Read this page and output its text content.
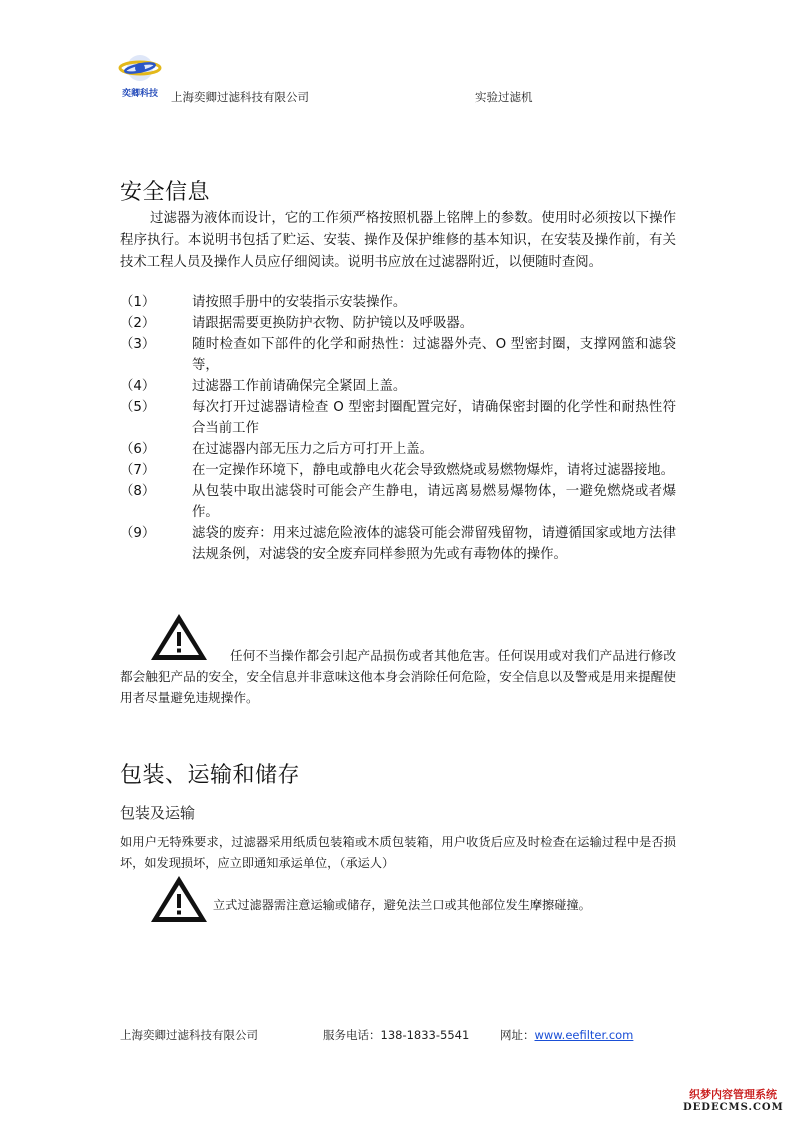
奕卿科技	上海奕卿过滤科技有限公司	实验过滤机
安全信息
过滤器为液体而设计，它的工作须严格按照机器上铭牌上的参数。使用时必须按以下操作程序执行。本说明书包括了贮运、安装、操作及保护维修的基本知识，在安装及操作前，有关技术工程人员及操作人员应仔细阅读。说明书应放在过滤器附近，以便随时查阅。
（1）	请按照手册中的安装指示安装操作。
（2）	请跟据需要更换防护衣物、防护镜以及呼吸器。
（3）	随时检查如下部件的化学和耐热性：过滤器外壳、O 型密封圈，支撑网篮和滤袋等，
（4）	过滤器工作前请确保完全紧固上盖。
（5）	每次打开过滤器请检查 O 型密封圈配置完好，请确保密封圈的化学性和耐热性符合当前工作
（6）	在过滤器内部无压力之后方可打开上盖。
（7）	在一定操作环境下，静电或静电火花会导致燃烧或易燃物爆炸，请将过滤器接地。
（8）	从包装中取出滤袋时可能会产生静电，请远离易燃易爆物体，一避免燃烧或者爆作。
（9）	滤袋的废弃：用来过滤危险液体的滤袋可能会滞留残留物，请遵循国家或地方法律法规条例，对滤袋的安全废弃同样参照为先或有毒物体的操作。
任何不当操作都会引起产品损伤或者其他危害。任何误用或对我们产品进行修改都会触犯产品的安全，安全信息并非意味这他本身会消除任何危险，安全信息以及警戒是用来提醒使用者尽量避免违规操作。
包装、运输和储存
包装及运输
如用户无特殊要求，过滤器采用纸质包装箱或木质包装箱，用户收货后应及时检查在运输过程中是否损坏，如发现损坏，应立即通知承运单位，（承运人）
立式过滤器需注意运输或储存，避免法兰口或其他部位发生摩擦碰撞。
上海奕卿过滤科技有限公司	服务电话：138-1833-5541	网址：www.eefilter.com
织梦内容管理系统
DEDECMS.COM
